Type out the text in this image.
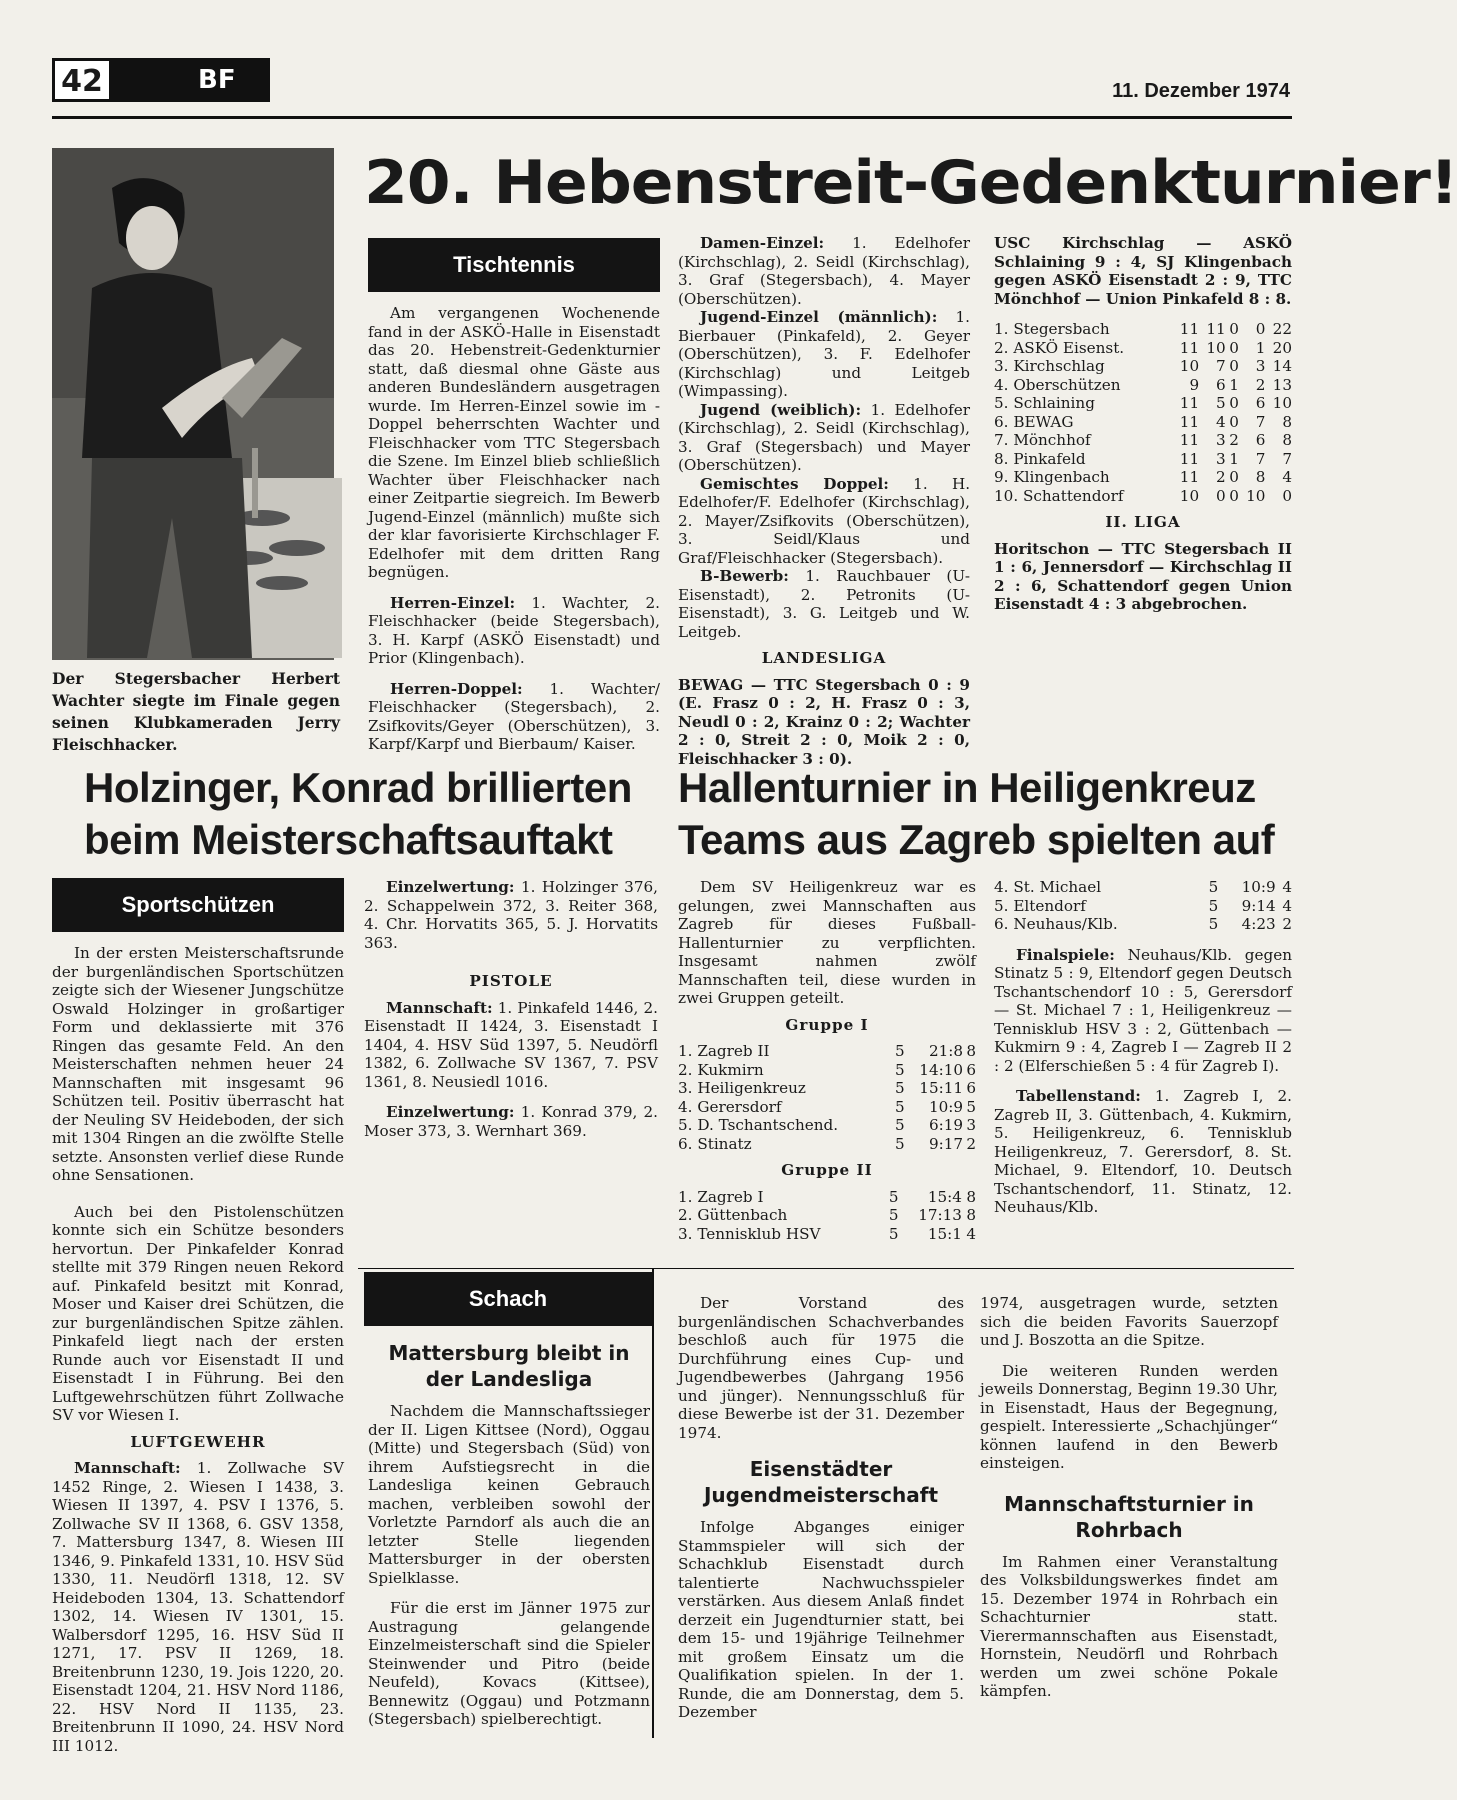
42	BF	11. Dezember 1974
Der Stegersbacher Herbert Wachter siegte im Finale gegen seinen Klubkameraden Jerry Fleischhacker.
20. Hebenstreit-Gedenkturnier!
Tischtennis

Am vergangenen Wochenende fand in der ASKÖ-Halle in Eisenstadt das 20. Hebenstreit-Gedenkturnier statt, daß diesmal ohne Gäste aus anderen Bundesländern ausgetragen wurde. Im Herren-Einzel sowie im -Doppel beherrschten Wachter und Fleischhacker vom TTC Stegersbach die Szene. Im Einzel blieb schließlich Wachter über Fleischhacker nach einer Zeitpartie siegreich. Im Bewerb Jugend-Einzel (männlich) mußte sich der klar favorisierte Kirchschlager F. Edelhofer mit dem dritten Rang begnügen.

Herren-Einzel: 1. Wachter, 2. Fleischhacker (beide Stegersbach), 3. H. Karpf (ASKÖ Eisenstadt) und Prior (Klingenbach).

Herren-Doppel: 1. Wachter/ Fleischhacker (Stegersbach), 2. Zsifkovits/Geyer (Oberschützen), 3. Karpf/Karpf und Bierbaum/ Kaiser.

Damen-Einzel: 1. Edelhofer (Kirchschlag), 2. Seidl (Kirchschlag), 3. Graf (Stegersbach), 4. Mayer (Oberschützen).

Jugend-Einzel (männlich): 1. Bierbauer (Pinkafeld), 2. Geyer (Oberschützen), 3. F. Edelhofer (Kirchschlag) und Leitgeb (Wimpassing).

Jugend (weiblich): 1. Edelhofer (Kirchschlag), 2. Seidl (Kirchschlag), 3. Graf (Stegersbach) und Mayer (Oberschützen).

Gemischtes Doppel: 1. H. Edelhofer/F. Edelhofer (Kirchschlag), 2. Mayer/Zsifkovits (Oberschützen), 3. Seidl/Klaus und Graf/Fleischhacker (Stegersbach).

B-Bewerb: 1. Rauchbauer (U-Eisenstadt), 2. Petronits (U-Eisenstadt), 3. G. Leitgeb und W. Leitgeb.

LANDESLIGA

BEWAG — TTC Stegersbach 0 : 9 (E. Frasz 0 : 2, H. Frasz 0 : 3, Neudl 0 : 2, Krainz 0 : 2; Wachter 2 : 0, Streit 2 : 0, Moik 2 : 0, Fleischhacker 3 : 0).

USC Kirchschlag — ASKÖ Schlaining 9 : 4, SJ Klingenbach gegen ASKÖ Eisenstadt 2 : 9, TTC Mönchhof — Union Pinkafeld 8 : 8.

1. Stegersbach	11	11	0	0	22
2. ASKÖ Eisenst.	11	10	0	1	20
3. Kirchschlag	10	7	0	3	14
4. Oberschützen	9	6	1	2	13
5. Schlaining	11	5	0	6	10
6. BEWAG	11	4	0	7	8
7. Mönchhof	11	3	2	6	8
8. Pinkafeld	11	3	1	7	7
9. Klingenbach	11	2	0	8	4
10. Schattendorf	10	0	0	10	0

II. LIGA

Horitschon — TTC Stegersbach II 1 : 6, Jennersdorf — Kirchschlag II 2 : 6, Schattendorf gegen Union Eisenstadt 4 : 3 abgebrochen.

Holzinger, Konrad brillierten
beim Meisterschaftsauftakt
Sportschützen

In der ersten Meisterschaftsrunde der burgenländischen Sportschützen zeigte sich der Wiesener Jungschütze Oswald Holzinger in großartiger Form und deklassierte mit 376 Ringen das gesamte Feld. An den Meisterschaften nehmen heuer 24 Mannschaften mit insgesamt 96 Schützen teil. Positiv überrascht hat der Neuling SV Heideboden, der sich mit 1304 Ringen an die zwölfte Stelle setzte. Ansonsten verlief diese Runde ohne Sensationen.

Auch bei den Pistolenschützen konnte sich ein Schütze besonders hervortun. Der Pinkafelder Konrad stellte mit 379 Ringen neuen Rekord auf. Pinkafeld besitzt mit Konrad, Moser und Kaiser drei Schützen, die zur burgenländischen Spitze zählen. Pinkafeld liegt nach der ersten Runde auch vor Eisenstadt II und Eisenstadt I in Führung. Bei den Luftgewehrschützen führt Zollwache SV vor Wiesen I.

LUFTGEWEHR

Mannschaft: 1. Zollwache SV 1452 Ringe, 2. Wiesen I 1438, 3. Wiesen II 1397, 4. PSV I 1376, 5. Zollwache SV II 1368, 6. GSV 1358, 7. Mattersburg 1347, 8. Wiesen III 1346, 9. Pinkafeld 1331, 10. HSV Süd 1330, 11. Neudörfl 1318, 12. SV Heideboden 1304, 13. Schattendorf 1302, 14. Wiesen IV 1301, 15. Walbersdorf 1295, 16. HSV Süd II 1271, 17. PSV II 1269, 18. Breitenbrunn 1230, 19. Jois 1220, 20. Eisenstadt 1204, 21. HSV Nord 1186, 22. HSV Nord II 1135, 23. Breitenbrunn II 1090, 24. HSV Nord III 1012.

Einzelwertung: 1. Holzinger 376, 2. Schappelwein 372, 3. Reiter 368, 4. Chr. Horvatits 365, 5. J. Horvatits 363.

PISTOLE

Mannschaft: 1. Pinkafeld 1446, 2. Eisenstadt II 1424, 3. Eisenstadt I 1404, 4. HSV Süd 1397, 5. Neudörfl 1382, 6. Zollwache SV 1367, 7. PSV 1361, 8. Neusiedl 1016.

Einzelwertung: 1. Konrad 379, 2. Moser 373, 3. Wernhart 369.

Hallenturnier in Heiligenkreuz
Teams aus Zagreb spielten auf

Dem SV Heiligenkreuz war es gelungen, zwei Mannschaften aus Zagreb für dieses Fußball-Hallenturnier zu verpflichten. Insgesamt nahmen zwölf Mannschaften teil, diese wurden in zwei Gruppen geteilt.

Gruppe I

1. Zagreb II	5	21:8	8
2. Kukmirn	5	14:10	6
3. Heiligenkreuz	5	15:11	6
4. Gerersdorf	5	10:9	5
5. D. Tschantschend.	5	6:19	3
6. Stinatz	5	9:17	2

Gruppe II

1. Zagreb I	5	15:4	8
2. Güttenbach	5	17:13	8
3. Tennisklub HSV	5	15:1	4
4. St. Michael	5	10:9	4
5. Eltendorf	5	9:14	4
6. Neuhaus/Klb.	5	4:23	2

Finalspiele: Neuhaus/Klb. gegen Stinatz 5 : 9, Eltendorf gegen Deutsch Tschantschendorf 10 : 5, Gerersdorf — St. Michael 7 : 1, Heiligenkreuz — Tennisklub HSV 3 : 2, Güttenbach — Kukmirn 9 : 4, Zagreb I — Zagreb II 2 : 2 (Elferschießen 5 : 4 für Zagreb I).

Tabellenstand: 1. Zagreb I, 2. Zagreb II, 3. Güttenbach, 4. Kukmirn, 5. Heiligenkreuz, 6. Tennisklub Heiligenkreuz, 7. Gerersdorf, 8. St. Michael, 9. Eltendorf, 10. Deutsch Tschantschendorf, 11. Stinatz, 12. Neuhaus/Klb.

Schach
Mattersburg bleibt in der Landesliga

Nachdem die Mannschaftssieger der II. Ligen Kittsee (Nord), Oggau (Mitte) und Stegersbach (Süd) von ihrem Aufstiegsrecht in die Landesliga keinen Gebrauch machen, verbleiben sowohl der Vorletzte Parndorf als auch die an letzter Stelle liegenden Mattersburger in der obersten Spielklasse.

Für die erst im Jänner 1975 zur Austragung gelangende Einzelmeisterschaft sind die Spieler Steinwender und Pitro (beide Neufeld), Kovacs (Kittsee), Bennewitz (Oggau) und Potzmann (Stegersbach) spielberechtigt.

Der Vorstand des burgenländischen Schachverbandes beschloß auch für 1975 die Durchführung eines Cup- und Jugendbewerbes (Jahrgang 1956 und jünger). Nennungsschluß für diese Bewerbe ist der 31. Dezember 1974.

Eisenstädter Jugendmeisterschaft

Infolge Abganges einiger Stammspieler will sich der Schachklub Eisenstadt durch talentierte Nachwuchsspieler verstärken. Aus diesem Anlaß findet derzeit ein Jugendturnier statt, bei dem 15- und 19jährige Teilnehmer mit großem Einsatz um die Qualifikation spielen. In der 1. Runde, die am Donnerstag, dem 5. Dezember

1974, ausgetragen wurde, setzten sich die beiden Favorits Sauerzopf und J. Boszotta an die Spitze.

Die weiteren Runden werden jeweils Donnerstag, Beginn 19.30 Uhr, in Eisenstadt, Haus der Begegnung, gespielt. Interessierte „Schachjünger“ können laufend in den Bewerb einsteigen.

Mannschaftsturnier in Rohrbach

Im Rahmen einer Veranstaltung des Volksbildungswerkes findet am 15. Dezember 1974 in Rohrbach ein Schachturnier statt. Vierermannschaften aus Eisenstadt, Hornstein, Neudörfl und Rohrbach werden um zwei schöne Pokale kämpfen.
